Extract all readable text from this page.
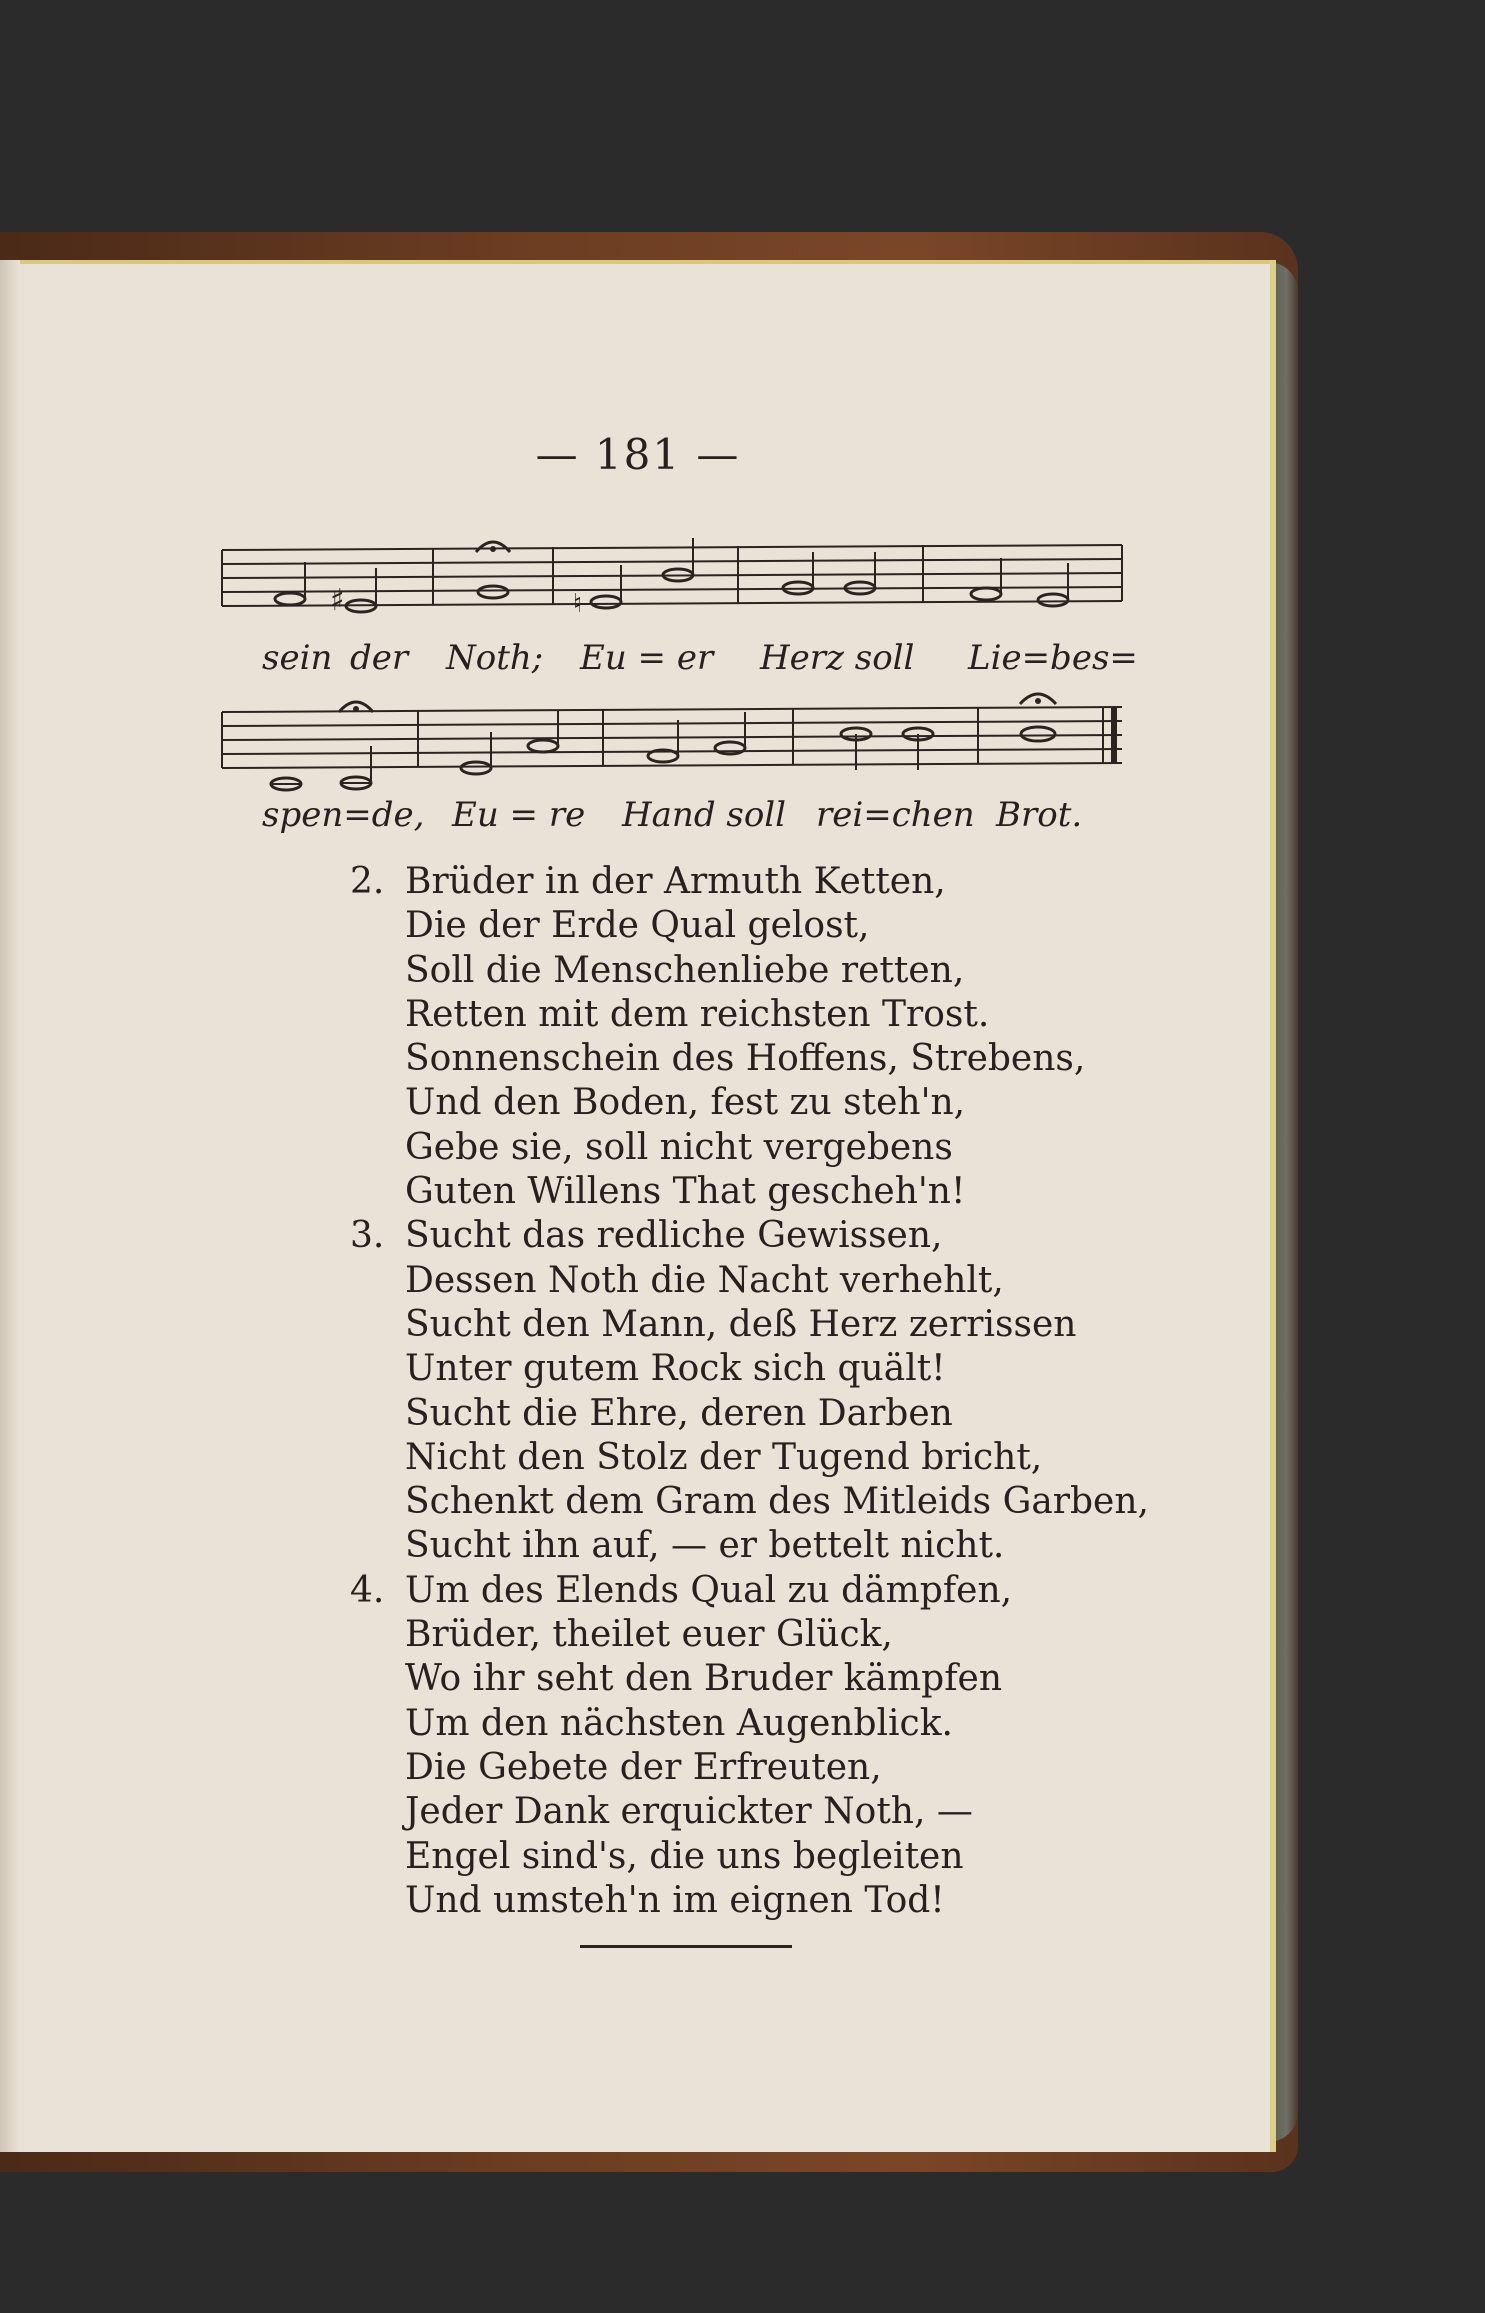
— 181 —
♯	♮
sein der Noth; Eu = er Herz soll Lie=bes=
spen=de, Eu = re Hand soll rei=chen Brot.
2. Brüder in der Armuth Ketten,
Die der Erde Qual gelost,
Soll die Menschenliebe retten,
Retten mit dem reichsten Trost.
Sonnenschein des Hoffens, Strebens,
Und den Boden, fest zu steh'n,
Gebe sie, soll nicht vergebens
Guten Willens That gescheh'n!
3. Sucht das redliche Gewissen,
Dessen Noth die Nacht verhehlt,
Sucht den Mann, deß Herz zerrissen
Unter gutem Rock sich quält!
Sucht die Ehre, deren Darben
Nicht den Stolz der Tugend bricht,
Schenkt dem Gram des Mitleids Garben,
Sucht ihn auf, — er bettelt nicht.
4. Um des Elends Qual zu dämpfen,
Brüder, theilet euer Glück,
Wo ihr seht den Bruder kämpfen
Um den nächsten Augenblick.
Die Gebete der Erfreuten,
Jeder Dank erquickter Noth, —
Engel sind's, die uns begleiten
Und umsteh'n im eignen Tod!
